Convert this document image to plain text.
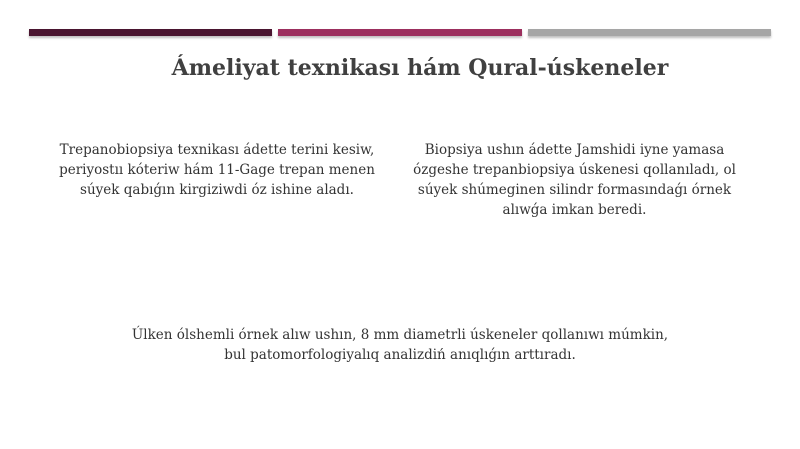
Ámeliyat texnikası hám Qural-úskeneler
Trepanobiopsiya texnikası ádette terini kesiw, periyostıı kóteriw hám 11-Gage trepan menen súyek qabıǵın kirgiziwdi óz ishine aladı.
Biopsiya ushın ádette Jamshidi iyne yamasa ózgeshe trepanbiopsiya úskenesi qollanıladı, ol súyek shúmeginen silindr formasındaǵı órnek alıwǵa imkan beredi.
Úlken ólshemli órnek alıw ushın, 8 mm diametrli úskeneler qollanıwı múmkin, bul patomorfologiyalıq analizdiń anıqlıǵın arttıradı.
